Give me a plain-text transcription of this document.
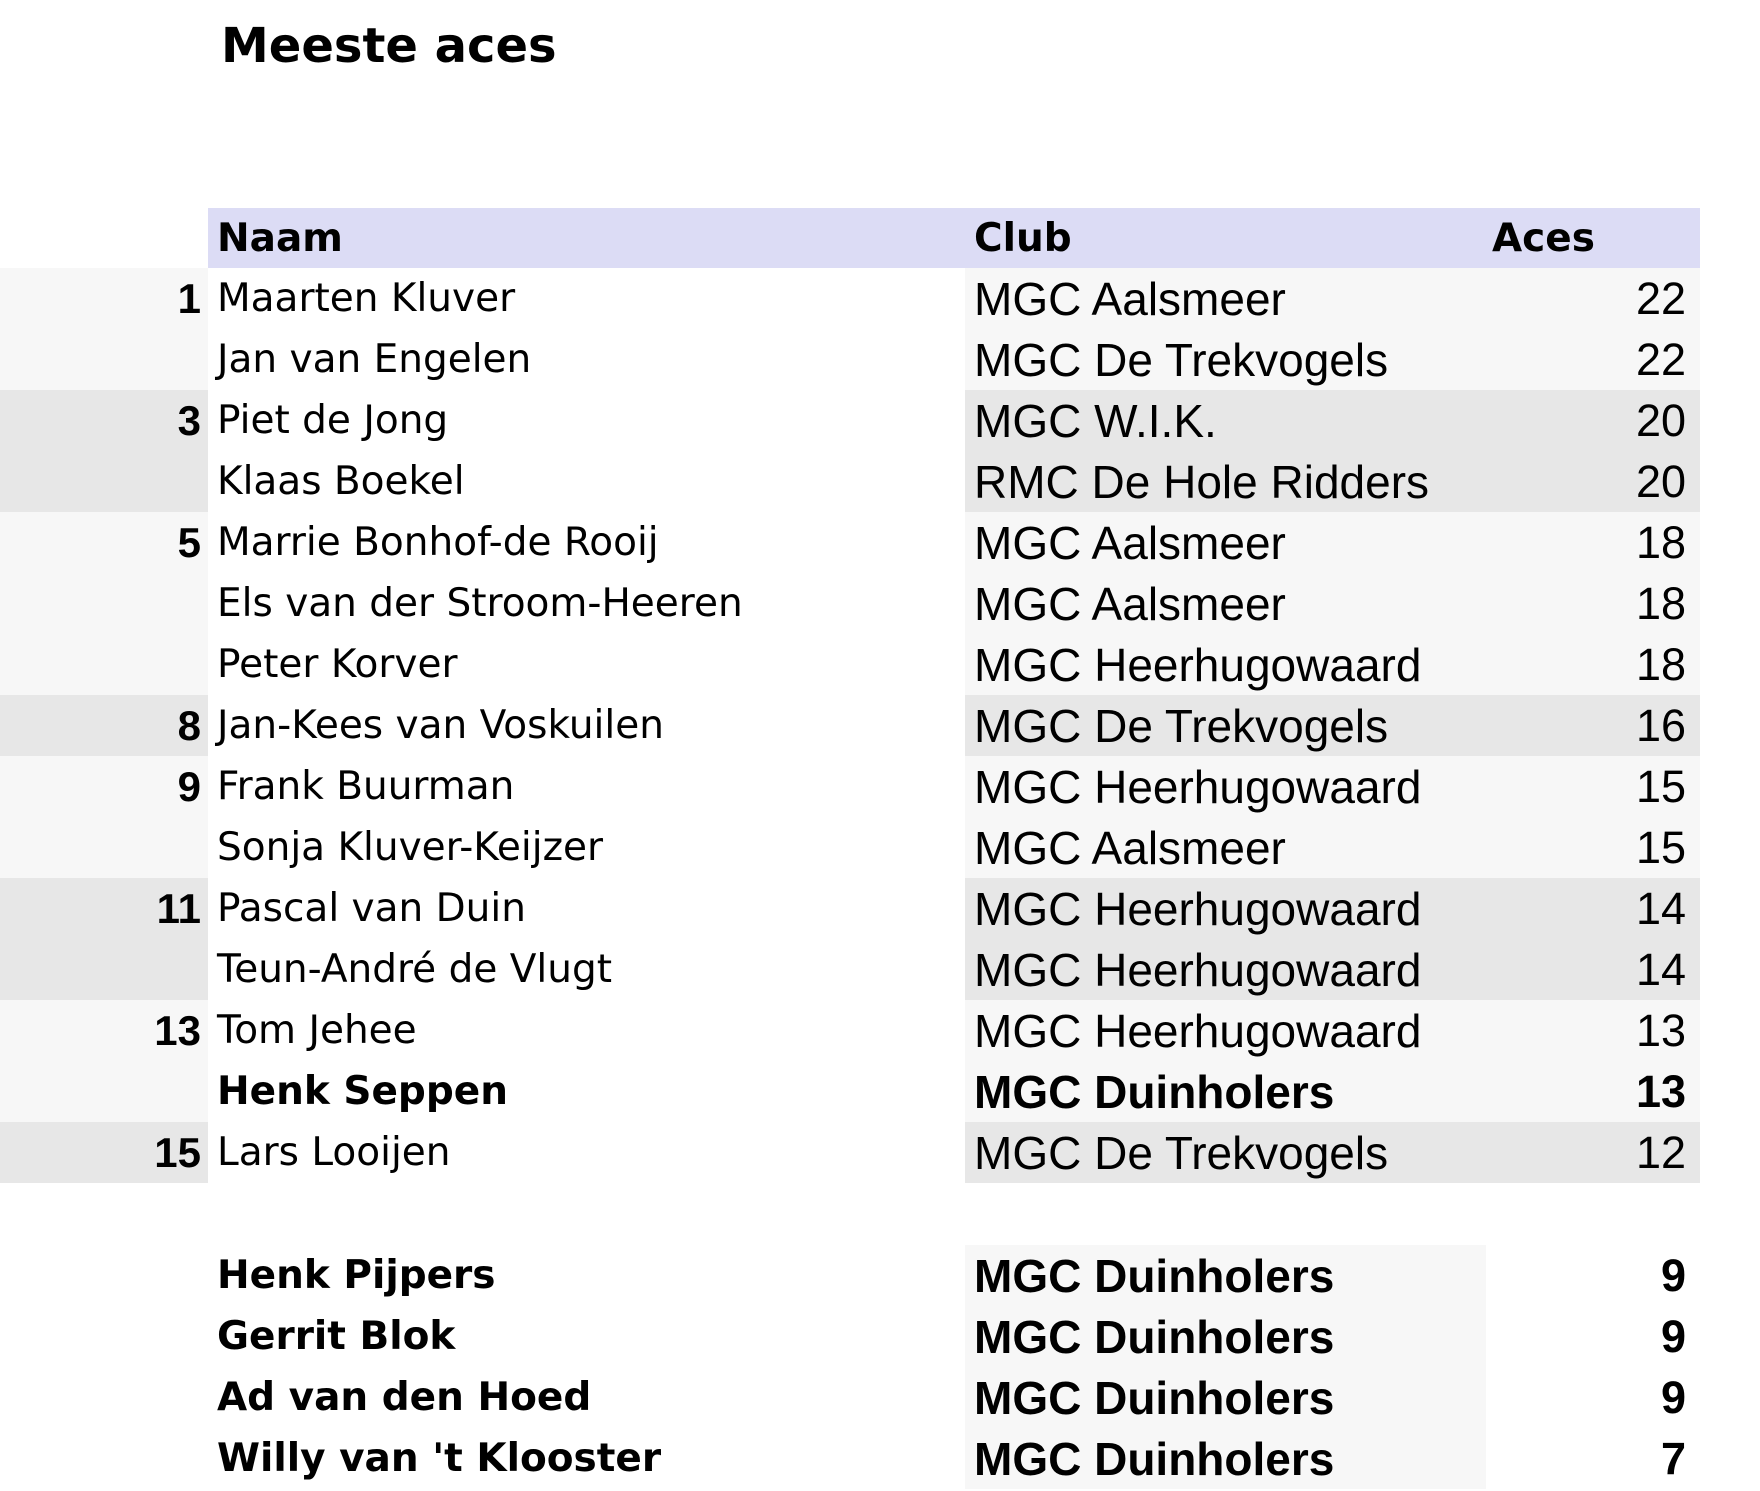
Meeste aces
Naam	Club	Aces
1 Maarten Kluver	MGC Aalsmeer	22
Jan van Engelen	MGC De Trekvogels	22
3 Piet de Jong	MGC W.I.K.	20
Klaas Boekel	RMC De Hole Ridders	20
5 Marrie Bonhof-de Rooij	MGC Aalsmeer	18
Els van der Stroom-Heeren	MGC Aalsmeer	18
Peter Korver	MGC Heerhugowaard	18
8 Jan-Kees van Voskuilen	MGC De Trekvogels	16
9 Frank Buurman	MGC Heerhugowaard	15
Sonja Kluver-Keijzer	MGC Aalsmeer	15
11 Pascal van Duin	MGC Heerhugowaard	14
Teun-André de Vlugt	MGC Heerhugowaard	14
13 Tom Jehee	MGC Heerhugowaard	13
Henk Seppen	MGC Duinholers	13
15 Lars Looijen	MGC De Trekvogels	12
Henk Pijpers	MGC Duinholers	9
Gerrit Blok	MGC Duinholers	9
Ad van den Hoed	MGC Duinholers	9
Willy van 't Klooster	MGC Duinholers	7
